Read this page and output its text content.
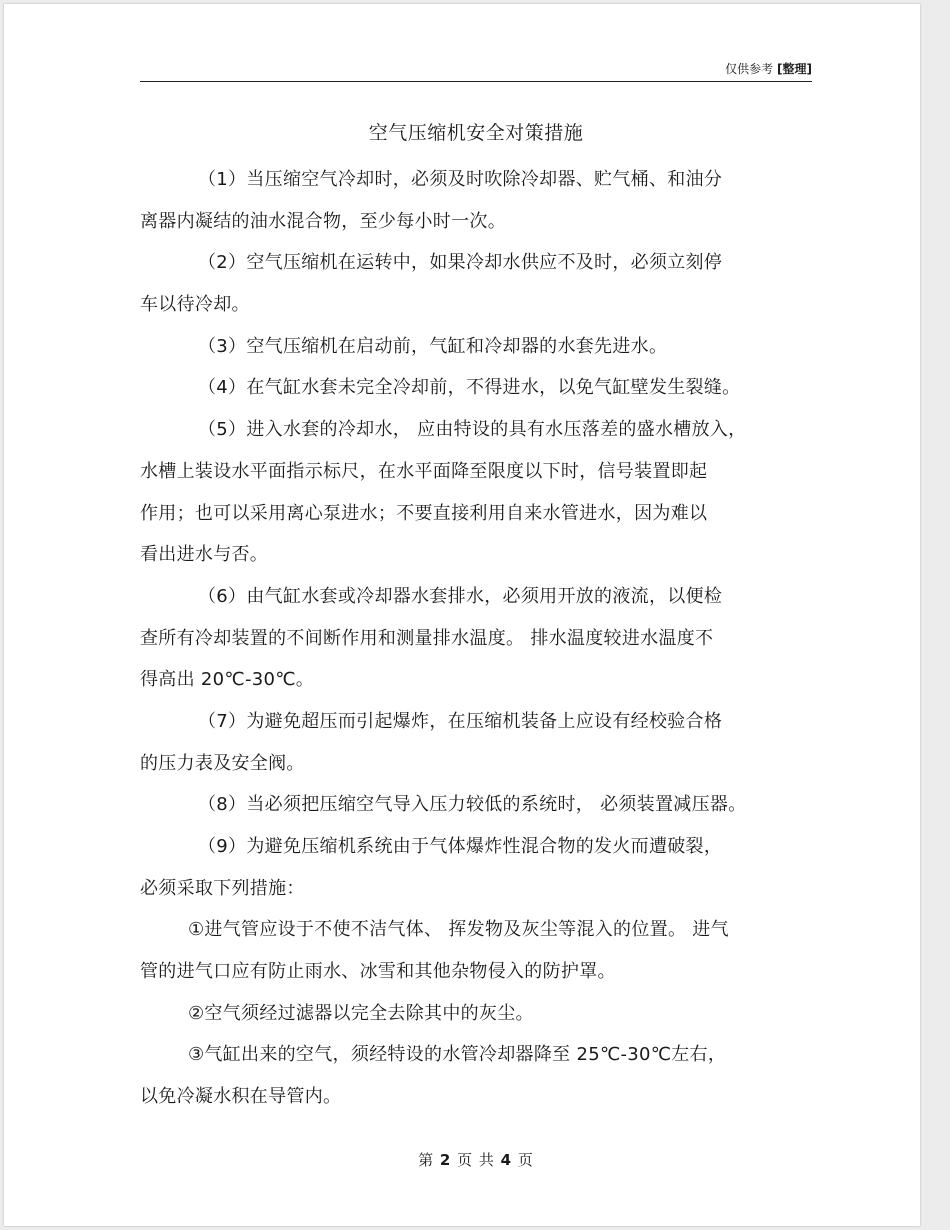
仅供参考 [整理]
空气压缩机安全对策措施
（1）当压缩空气冷却时，必须及时吹除冷却器、贮气桶、和油分
离器内凝结的油水混合物，至少每小时一次。
（2）空气压缩机在运转中，如果冷却水供应不及时，必须立刻停
车以待冷却。
（3）空气压缩机在启动前，气缸和冷却器的水套先进水。
（4）在气缸水套未完全冷却前，不得进水，以免气缸壁发生裂缝。
（5）进入水套的冷却水， 应由特设的具有水压落差的盛水槽放入，
水槽上装设水平面指示标尺，在水平面降至限度以下时，信号装置即起
作用；也可以采用离心泵进水；不要直接利用自来水管进水，因为难以
看出进水与否。
（6）由气缸水套或冷却器水套排水，必须用开放的液流，以便检
查所有冷却装置的不间断作用和测量排水温度。 排水温度较进水温度不
得高出 20℃-30℃。
（7）为避免超压而引起爆炸，在压缩机装备上应设有经校验合格
的压力表及安全阀。
（8）当必须把压缩空气导入压力较低的系统时， 必须装置减压器。
（9）为避免压缩机系统由于气体爆炸性混合物的发火而遭破裂，
必须采取下列措施：
①进气管应设于不使不洁气体、 挥发物及灰尘等混入的位置。 进气
管的进气口应有防止雨水、冰雪和其他杂物侵入的防护罩。
②空气须经过滤器以完全去除其中的灰尘。
③气缸出来的空气，须经特设的水管冷却器降至 25℃-30℃左右，
以免冷凝水积在导管内。
第 2 页 共 4 页
